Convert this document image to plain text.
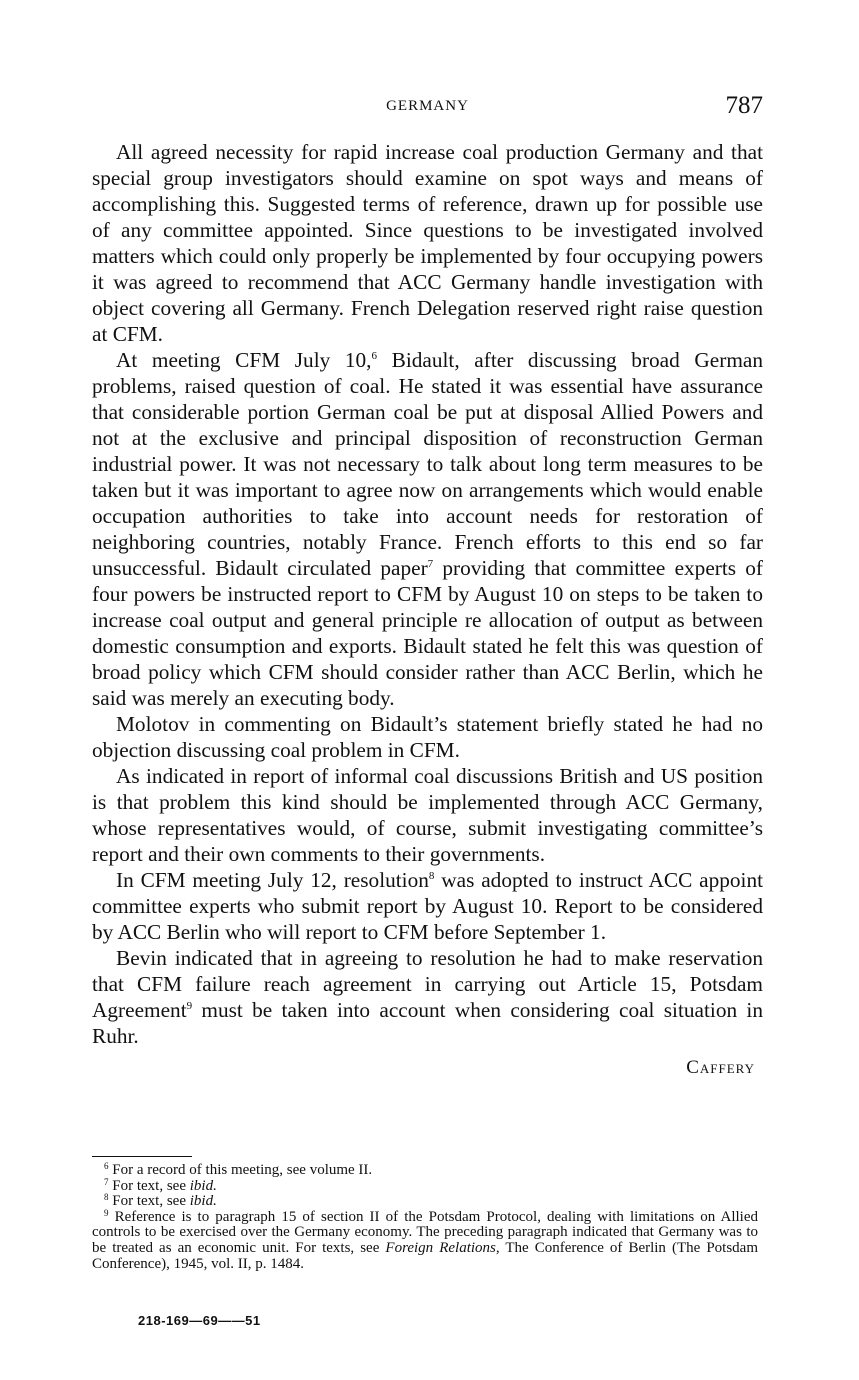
GERMANY	787

All agreed necessity for rapid increase coal production Germany and that special group investigators should examine on spot ways and means of accomplishing this. Suggested terms of reference, drawn up for possible use of any committee appointed. Since questions to be investigated involved matters which could only properly be implemented by four occupying powers it was agreed to recommend that ACC Germany handle investigation with object covering all Germany. French Delegation reserved right raise question at CFM.

At meeting CFM July 10,$^6$ Bidault, after discussing broad German problems, raised question of coal. He stated it was essential have assurance that considerable portion German coal be put at disposal Allied Powers and not at the exclusive and principal disposition of reconstruction German industrial power. It was not necessary to talk about long term measures to be taken but it was important to agree now on arrangements which would enable occupation authorities to take into account needs for restoration of neighboring countries, notably France. French efforts to this end so far unsuccessful. Bidault circulated paper$^7$ providing that committee experts of four powers be instructed report to CFM by August 10 on steps to be taken to increase coal output and general principle re allocation of output as between domestic consumption and exports. Bidault stated he felt this was question of broad policy which CFM should consider rather than ACC Berlin, which he said was merely an executing body.

Molotov in commenting on Bidault’s statement briefly stated he had no objection discussing coal problem in CFM.

As indicated in report of informal coal discussions British and US position is that problem this kind should be implemented through ACC Germany, whose representatives would, of course, submit investigating committee’s report and their own comments to their governments.

In CFM meeting July 12, resolution$^8$ was adopted to instruct ACC appoint committee experts who submit report by August 10. Report to be considered by ACC Berlin who will report to CFM before September 1.

Bevin indicated that in agreeing to resolution he had to make reservation that CFM failure reach agreement in carrying out Article 15, Potsdam Agreement$^9$ must be taken into account when considering coal situation in Ruhr.

Caffery

$^6$ For a record of this meeting, see volume II.

$^7$ For text, see ibid.

$^8$ For text, see ibid.

$^9$ Reference is to paragraph 15 of section II of the Potsdam Protocol, dealing with limitations on Allied controls to be exercised over the Germany economy. The preceding paragraph indicated that Germany was to be treated as an economic unit. For texts, see Foreign Relations, The Conference of Berlin (The Potsdam Conference), 1945, vol. II, p. 1484.

218-169—69——51
